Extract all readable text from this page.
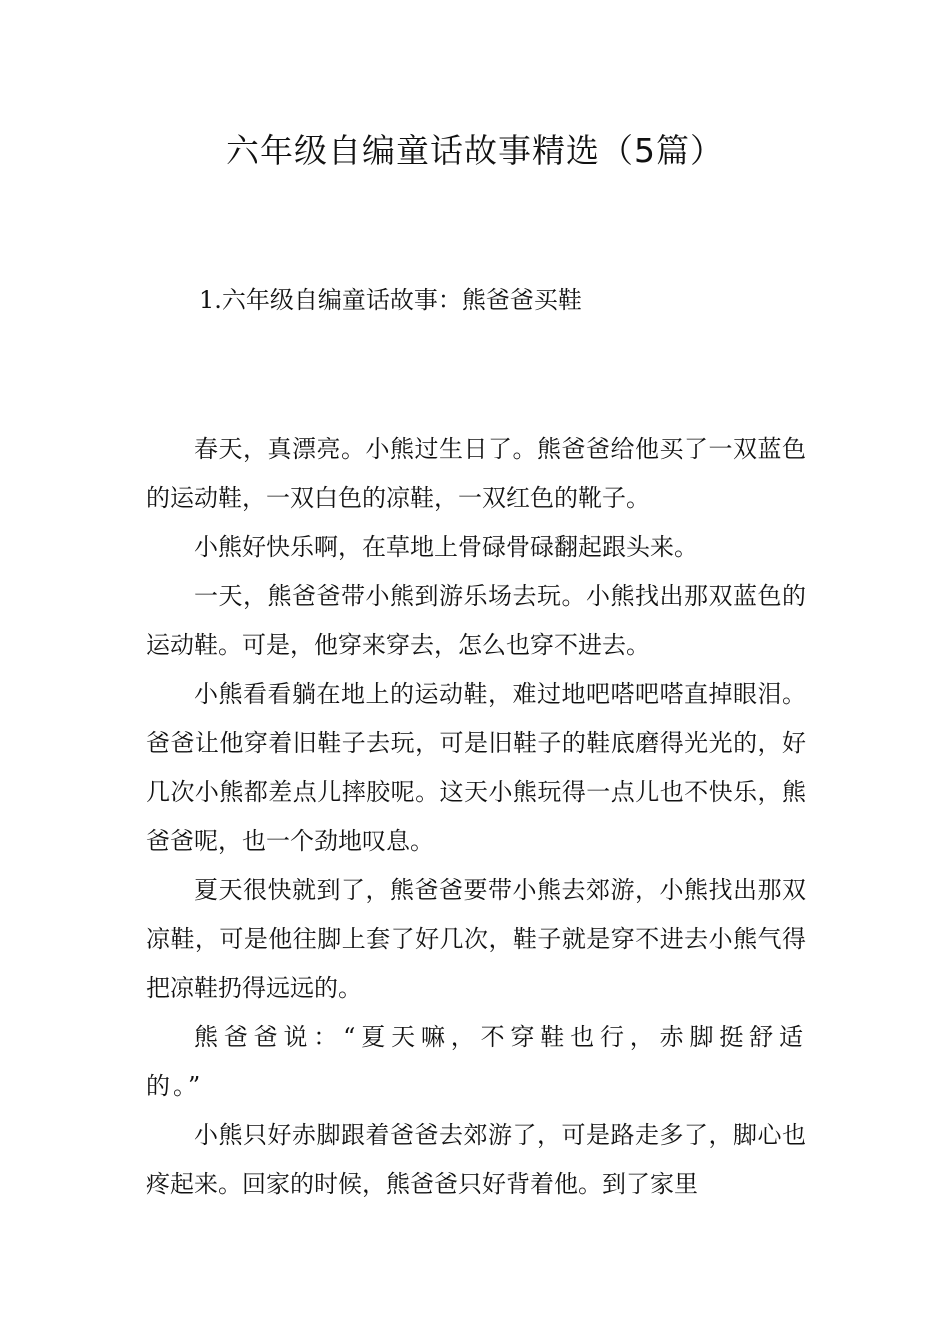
六年级自编童话故事精选（5篇）
1.六年级自编童话故事：熊爸爸买鞋

春天，真漂亮。小熊过生日了。熊爸爸给他买了一双蓝色的运动鞋，一双白色的凉鞋，一双红色的靴子。

小熊好快乐啊，在草地上骨碌骨碌翻起跟头来。

一天，熊爸爸带小熊到游乐场去玩。小熊找出那双蓝色的运动鞋。可是，他穿来穿去，怎么也穿不进去。

小熊看看躺在地上的运动鞋，难过地吧嗒吧嗒直掉眼泪。爸爸让他穿着旧鞋子去玩，可是旧鞋子的鞋底磨得光光的，好几次小熊都差点儿摔胶呢。这天小熊玩得一点儿也不快乐，熊爸爸呢，也一个劲地叹息。

夏天很快就到了，熊爸爸要带小熊去郊游，小熊找出那双凉鞋，可是他往脚上套了好几次，鞋子就是穿不进去小熊气得把凉鞋扔得远远的。

熊爸爸说：“夏天嘛，不穿鞋也行，赤脚挺舒适的。”

小熊只好赤脚跟着爸爸去郊游了，可是路走多了，脚心也疼起来。回家的时候，熊爸爸只好背着他。到了家里
